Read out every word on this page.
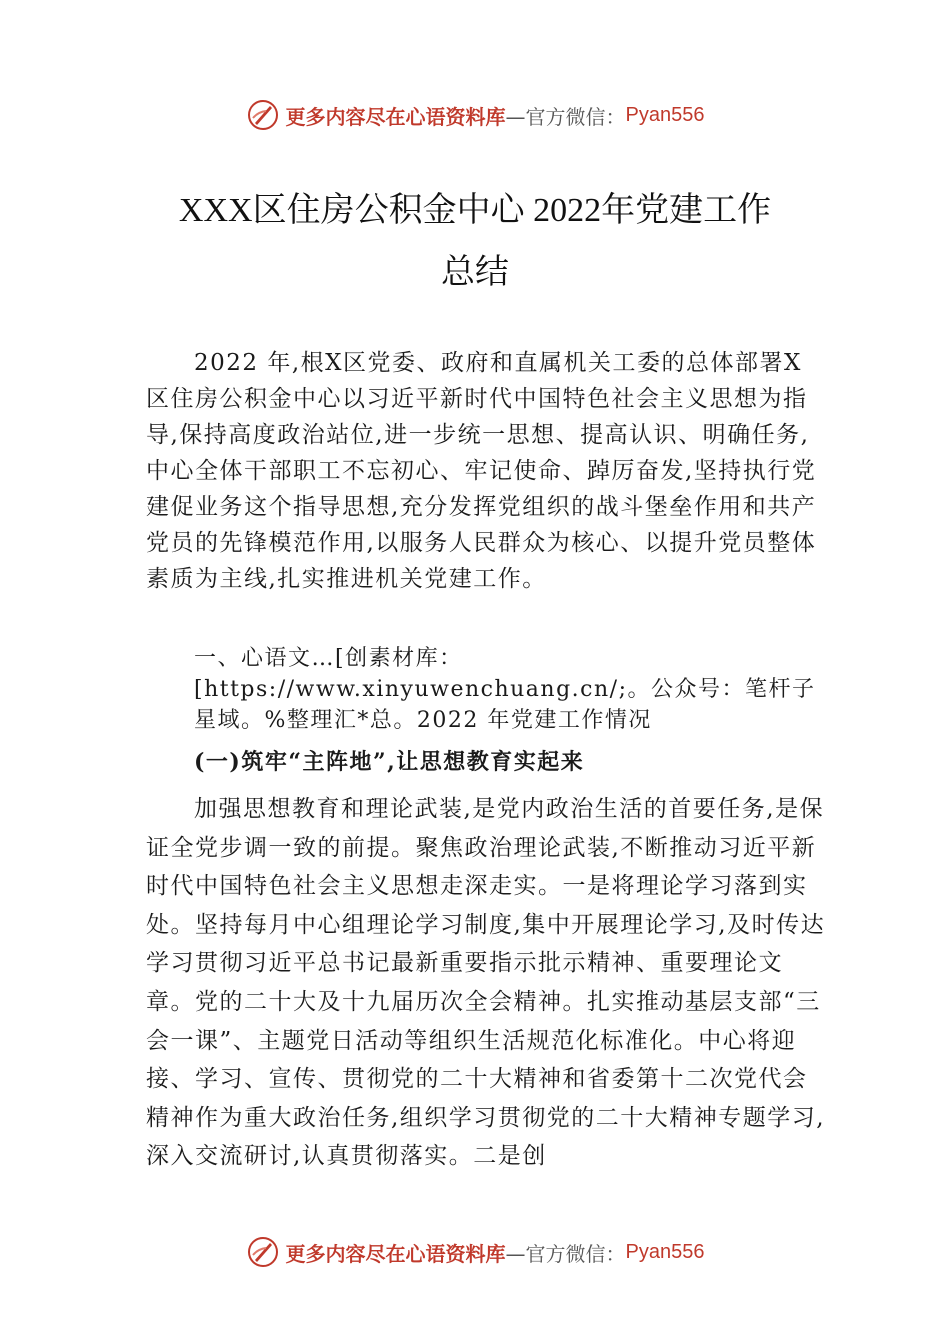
更多内容尽在心语资料库 —官方微信： Pyan556
XXX区住房公积金中心 2022年党建工作
总结
2022 年,根X区党委、政府和直属机关工委的总体部署X区住房公积金中心以习近平新时代中国特色社会主义思想为指导,保持高度政治站位,进一步统一思想、提高认识、明确任务,中心全体干部职工不忘初心、牢记使命、踔厉奋发,坚持执行党建促业务这个指导思想,充分发挥党组织的战斗堡垒作用和共产党员的先锋模范作用,以服务人民群众为核心、以提升党员整体素质为主线,扎实推进机关党建工作。
一、心语文…[创素材库：[https://www.xinyuwenchuang.cn/;。公众号：笔杆子星域。%整理汇*总。2022 年党建工作情况
(一)筑牢“主阵地”,让思想教育实起来
加强思想教育和理论武装,是党内政治生活的首要任务,是保证全党步调一致的前提。聚焦政治理论武装,不断推动习近平新时代中国特色社会主义思想走深走实。一是将理论学习落到实处。坚持每月中心组理论学习制度,集中开展理论学习,及时传达学习贯彻习近平总书记最新重要指示批示精神、重要理论文章。党的二十大及十九届历次全会精神。扎实推动基层支部“三会一课”、主题党日活动等组织生活规范化标准化。中心将迎接、学习、宣传、贯彻党的二十大精神和省委第十二次党代会精神作为重大政治任务,组织学习贯彻党的二十大精神专题学习,深入交流研讨,认真贯彻落实。二是创
更多内容尽在心语资料库 —官方微信： Pyan556
